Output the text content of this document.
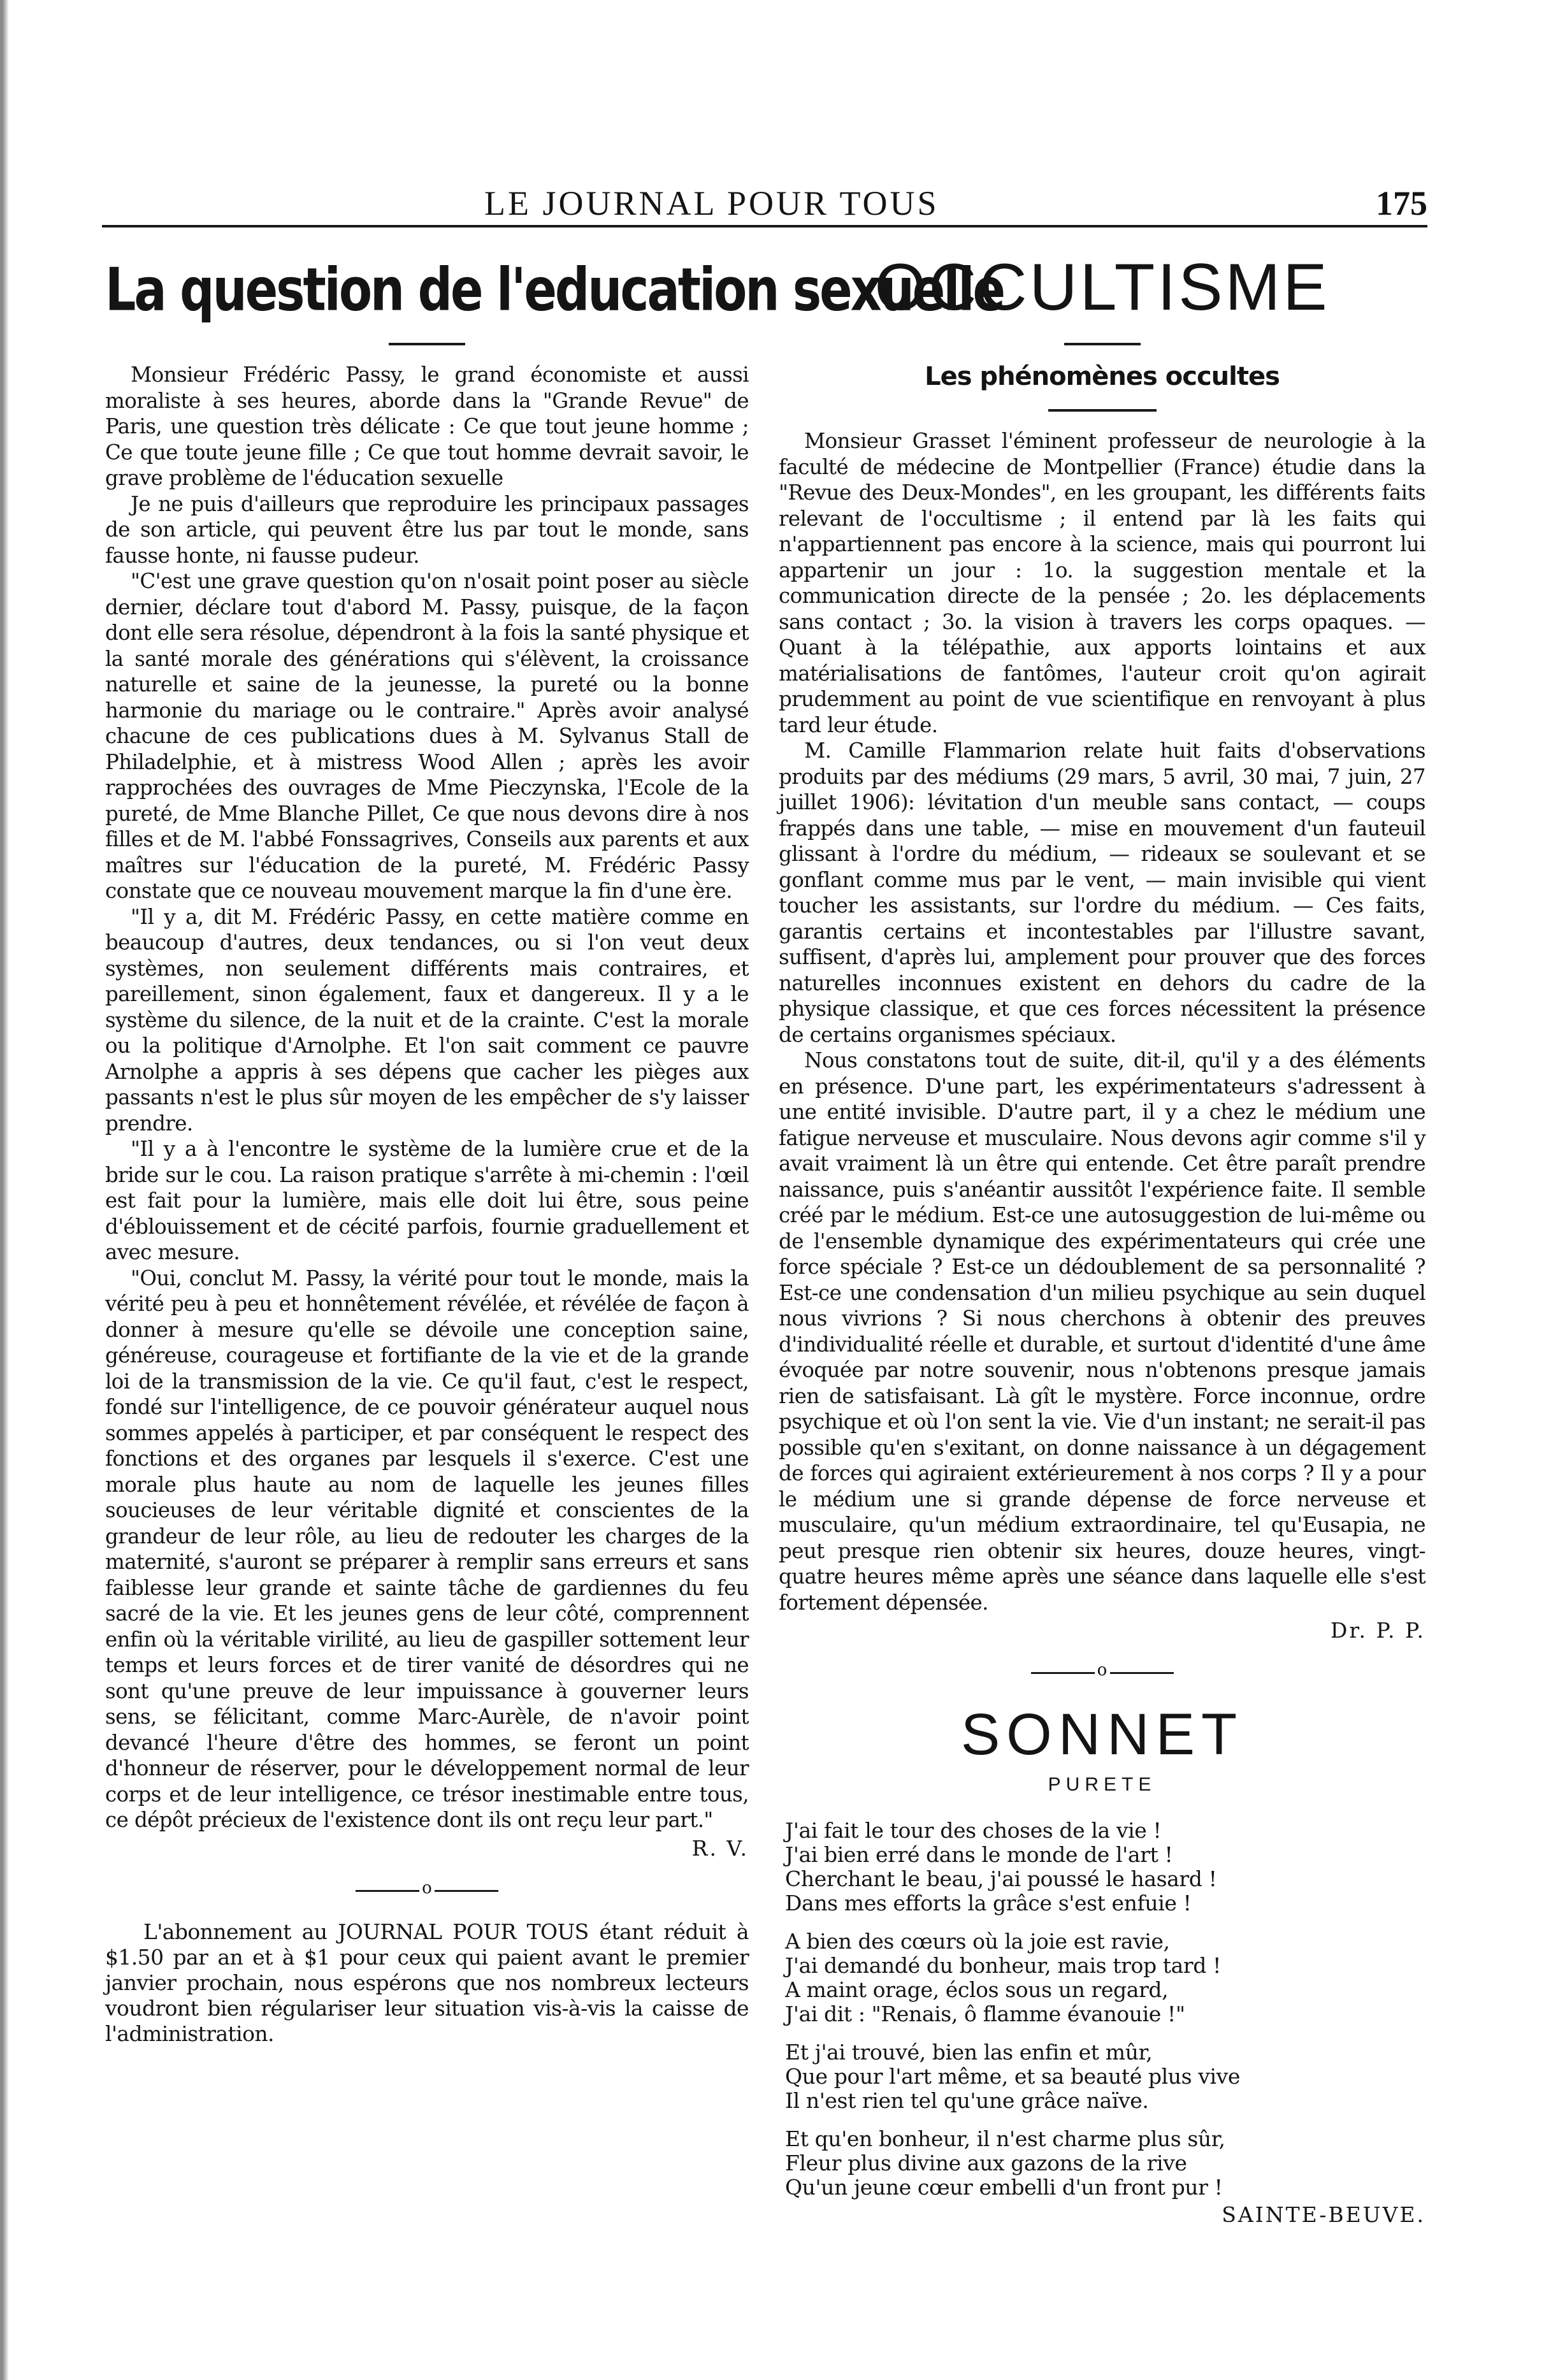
LE JOURNAL POUR TOUS	175
La question de l'education sexuelle

Monsieur Frédéric Passy, le grand économiste et aussi moraliste à ses heures, aborde dans la "Grande Revue" de Paris, une question très délicate : Ce que tout jeune homme ; Ce que toute jeune fille ; Ce que tout homme devrait savoir, le grave problème de l'éducation sexuelle

Je ne puis d'ailleurs que reproduire les principaux passages de son article, qui peuvent être lus par tout le monde, sans fausse honte, ni fausse pudeur.

"C'est une grave question qu'on n'osait point poser au siècle dernier, déclare tout d'abord M. Passy, puisque, de la façon dont elle sera résolue, dépendront à la fois la santé physique et la santé morale des générations qui s'élèvent, la croissance naturelle et saine de la jeunesse, la pureté ou la bonne harmonie du mariage ou le contraire." Après avoir analysé chacune de ces publications dues à M. Sylvanus Stall de Philadelphie, et à mistress Wood Allen ; après les avoir rapprochées des ouvrages de Mme Pieczynska, l'Ecole de la pureté, de Mme Blanche Pillet, Ce que nous devons dire à nos filles et de M. l'abbé Fonssagrives, Conseils aux parents et aux maîtres sur l'éducation de la pureté, M. Frédéric Passy constate que ce nouveau mouvement marque la fin d'une ère.

"Il y a, dit M. Frédéric Passy, en cette matière comme en beaucoup d'autres, deux tendances, ou si l'on veut deux systèmes, non seulement différents mais contraires, et pareillement, sinon également, faux et dangereux. Il y a le système du silence, de la nuit et de la crainte. C'est la morale ou la politique d'Arnolphe. Et l'on sait comment ce pauvre Arnolphe a appris à ses dépens que cacher les pièges aux passants n'est le plus sûr moyen de les empêcher de s'y laisser prendre.

"Il y a à l'encontre le système de la lumière crue et de la bride sur le cou. La raison pratique s'arrête à mi-chemin : l'œil est fait pour la lumière, mais elle doit lui être, sous peine d'éblouissement et de cécité parfois, fournie graduellement et avec mesure.

"Oui, conclut M. Passy, la vérité pour tout le monde, mais la vérité peu à peu et honnêtement révélée, et révélée de façon à donner à mesure qu'elle se dévoile une conception saine, généreuse, courageuse et fortifiante de la vie et de la grande loi de la transmission de la vie. Ce qu'il faut, c'est le respect, fondé sur l'intelligence, de ce pouvoir générateur auquel nous sommes appelés à participer, et par conséquent le respect des fonctions et des organes par lesquels il s'exerce. C'est une morale plus haute au nom de laquelle les jeunes filles soucieuses de leur véritable dignité et conscientes de la grandeur de leur rôle, au lieu de redouter les charges de la maternité, s'auront se préparer à remplir sans erreurs et sans faiblesse leur grande et sainte tâche de gardiennes du feu sacré de la vie. Et les jeunes gens de leur côté, comprennent enfin où la véritable virilité, au lieu de gaspiller sottement leur temps et leurs forces et de tirer vanité de désordres qui ne sont qu'une preuve de leur impuissance à gouverner leurs sens, se félicitant, comme Marc-Aurèle, de n'avoir point devancé l'heure d'être des hommes, se feront un point d'honneur de réserver, pour le développement normal de leur corps et de leur intelligence, ce trésor inestimable entre tous, ce dépôt précieux de l'existence dont ils ont reçu leur part."

R. V.
o

L'abonnement au JOURNAL POUR TOUS étant réduit à $1.50 par an et à $1 pour ceux qui paient avant le premier janvier prochain, nous espérons que nos nombreux lecteurs voudront bien régulariser leur situation vis-à-vis la caisse de l'administration.

OCCULTISME
Les phénomènes occultes

Monsieur Grasset l'éminent professeur de neurologie à la faculté de médecine de Montpellier (France) étudie dans la "Revue des Deux-Mondes", en les groupant, les différents faits relevant de l'occultisme ; il entend par là les faits qui n'appartiennent pas encore à la science, mais qui pourront lui appartenir un jour : 1o. la suggestion mentale et la communication directe de la pensée ; 2o. les déplacements sans contact ; 3o. la vision à travers les corps opaques. — Quant à la télépathie, aux apports lointains et aux matérialisations de fantômes, l'auteur croit qu'on agirait prudemment au point de vue scientifique en renvoyant à plus tard leur étude.

M. Camille Flammarion relate huit faits d'observations produits par des médiums (29 mars, 5 avril, 30 mai, 7 juin, 27 juillet 1906): lévitation d'un meuble sans contact, — coups frappés dans une table, — mise en mouvement d'un fauteuil glissant à l'ordre du médium, — rideaux se soulevant et se gonflant comme mus par le vent, — main invisible qui vient toucher les assistants, sur l'ordre du médium. — Ces faits, garantis certains et incontestables par l'illustre savant, suffisent, d'après lui, amplement pour prouver que des forces naturelles inconnues existent en dehors du cadre de la physique classique, et que ces forces nécessitent la présence de certains organismes spéciaux.

Nous constatons tout de suite, dit-il, qu'il y a des éléments en présence. D'une part, les expérimentateurs s'adressent à une entité invisible. D'autre part, il y a chez le médium une fatigue nerveuse et musculaire. Nous devons agir comme s'il y avait vraiment là un être qui entende. Cet être paraît prendre naissance, puis s'anéantir aussitôt l'expérience faite. Il semble créé par le médium. Est-ce une autosuggestion de lui-même ou de l'ensemble dynamique des expérimentateurs qui crée une force spéciale ? Est-ce un dédoublement de sa personnalité ? Est-ce une condensation d'un milieu psychique au sein duquel nous vivrions ? Si nous cherchons à obtenir des preuves d'individualité réelle et durable, et surtout d'identité d'une âme évoquée par notre souvenir, nous n'obtenons presque jamais rien de satisfaisant. Là gît le mystère. Force inconnue, ordre psychique et où l'on sent la vie. Vie d'un instant; ne serait-il pas possible qu'en s'exitant, on donne naissance à un dégagement de forces qui agiraient extérieurement à nos corps ? Il y a pour le médium une si grande dépense de force nerveuse et musculaire, qu'un médium extraordinaire, tel qu'Eusapia, ne peut presque rien obtenir six heures, douze heures, vingt-quatre heures même après une séance dans laquelle elle s'est fortement dépensée.

Dr. P. P.
o
SONNET
PURETE
J'ai fait le tour des choses de la vie !
J'ai bien erré dans le monde de l'art !
Cherchant le beau, j'ai poussé le hasard !
Dans mes efforts la grâce s'est enfuie !
A bien des cœurs où la joie est ravie,
J'ai demandé du bonheur, mais trop tard !
A maint orage, éclos sous un regard,
J'ai dit : "Renais, ô flamme évanouie !"
Et j'ai trouvé, bien las enfin et mûr,
Que pour l'art même, et sa beauté plus vive
Il n'est rien tel qu'une grâce naïve.
Et qu'en bonheur, il n'est charme plus sûr,
Fleur plus divine aux gazons de la rive
Qu'un jeune cœur embelli d'un front pur !
SAINTE-BEUVE.
